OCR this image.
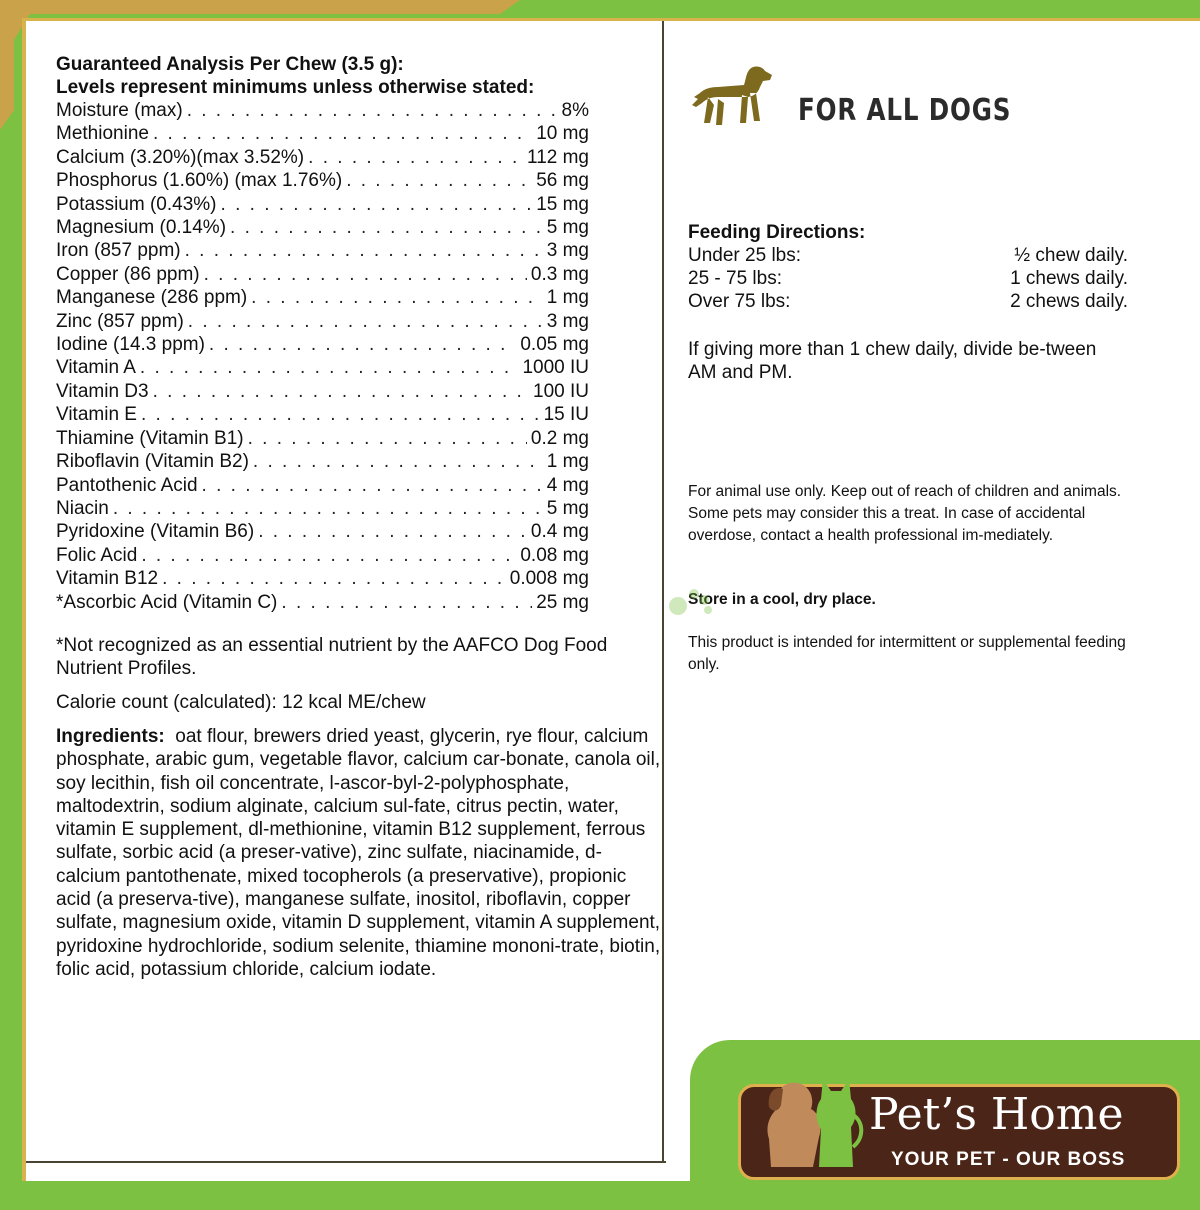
Guaranteed Analysis Per Chew (3.5 g):

Levels represent minimums unless otherwise stated:

Moisture (max) . . .	8%
Methionine . . .	10 mg
Calcium (3.20%)(max 3.52%) . . .	112 mg
Phosphorus (1.60%) (max 1.76%) . . .	56 mg
Potassium (0.43%) . . .	15 mg
Magnesium (0.14%) . . .	5 mg
Iron (857 ppm) . . .	3 mg
Copper (86 ppm) . . .	0.3 mg
Manganese (286 ppm) . . .	1 mg
Zinc (857 ppm) . . .	3 mg
Iodine (14.3 ppm) . . .	0.05 mg
Vitamin A . . .	1000 IU
Vitamin D3 . . .	100 IU
Vitamin E . . .	15 IU
Thiamine (Vitamin B1) . . .	0.2 mg
Riboflavin (Vitamin B2) . . .	1 mg
Pantothenic Acid . . .	4 mg
Niacin . . .	5 mg
Pyridoxine (Vitamin B6) . . .	0.4 mg
Folic Acid . . .	0.08 mg
Vitamin B12 . . .	0.008 mg
*Ascorbic Acid (Vitamin C) . . .	25 mg

*Not recognized as an essential nutrient by the AAFCO Dog Food Nutrient Profiles.

Calorie count (calculated): 12 kcal ME/chew

Ingredients: oat flour, brewers dried yeast, glycerin, rye flour, calcium phosphate, arabic gum, vegetable flavor, calcium car-bonate, canola oil, soy lecithin, fish oil concentrate, l-ascor-byl-2-polyphosphate, maltodextrin, sodium alginate, calcium sul-fate, citrus pectin, water, vitamin E supplement, dl-methionine, vitamin B12 supplement, ferrous sulfate, sorbic acid (a preser-vative), zinc sulfate, niacinamide, d-calcium pantothenate, mixed tocopherols (a preservative), propionic acid (a preserva-tive), manganese sulfate, inositol, riboflavin, copper sulfate, magnesium oxide, vitamin D supplement, vitamin A supplement, pyridoxine hydrochloride, sodium selenite, thiamine mononi-trate, biotin, folic acid, potassium chloride, calcium iodate.

FOR ALL DOGS
Feeding Directions:
Under 25 lbs:	½ chew daily.
25 - 75 lbs:	1 chews daily.
Over 75 lbs:	2 chews daily.

If giving more than 1 chew daily, divide be-tween AM and PM.

For animal use only. Keep out of reach of children and animals. Some pets may consider this a treat. In case of accidental overdose, contact a health professional im-mediately.

Store in a cool, dry place.

This product is intended for intermittent or supplemental feeding only.

Pet’s Home
YOUR PET - OUR BOSS
